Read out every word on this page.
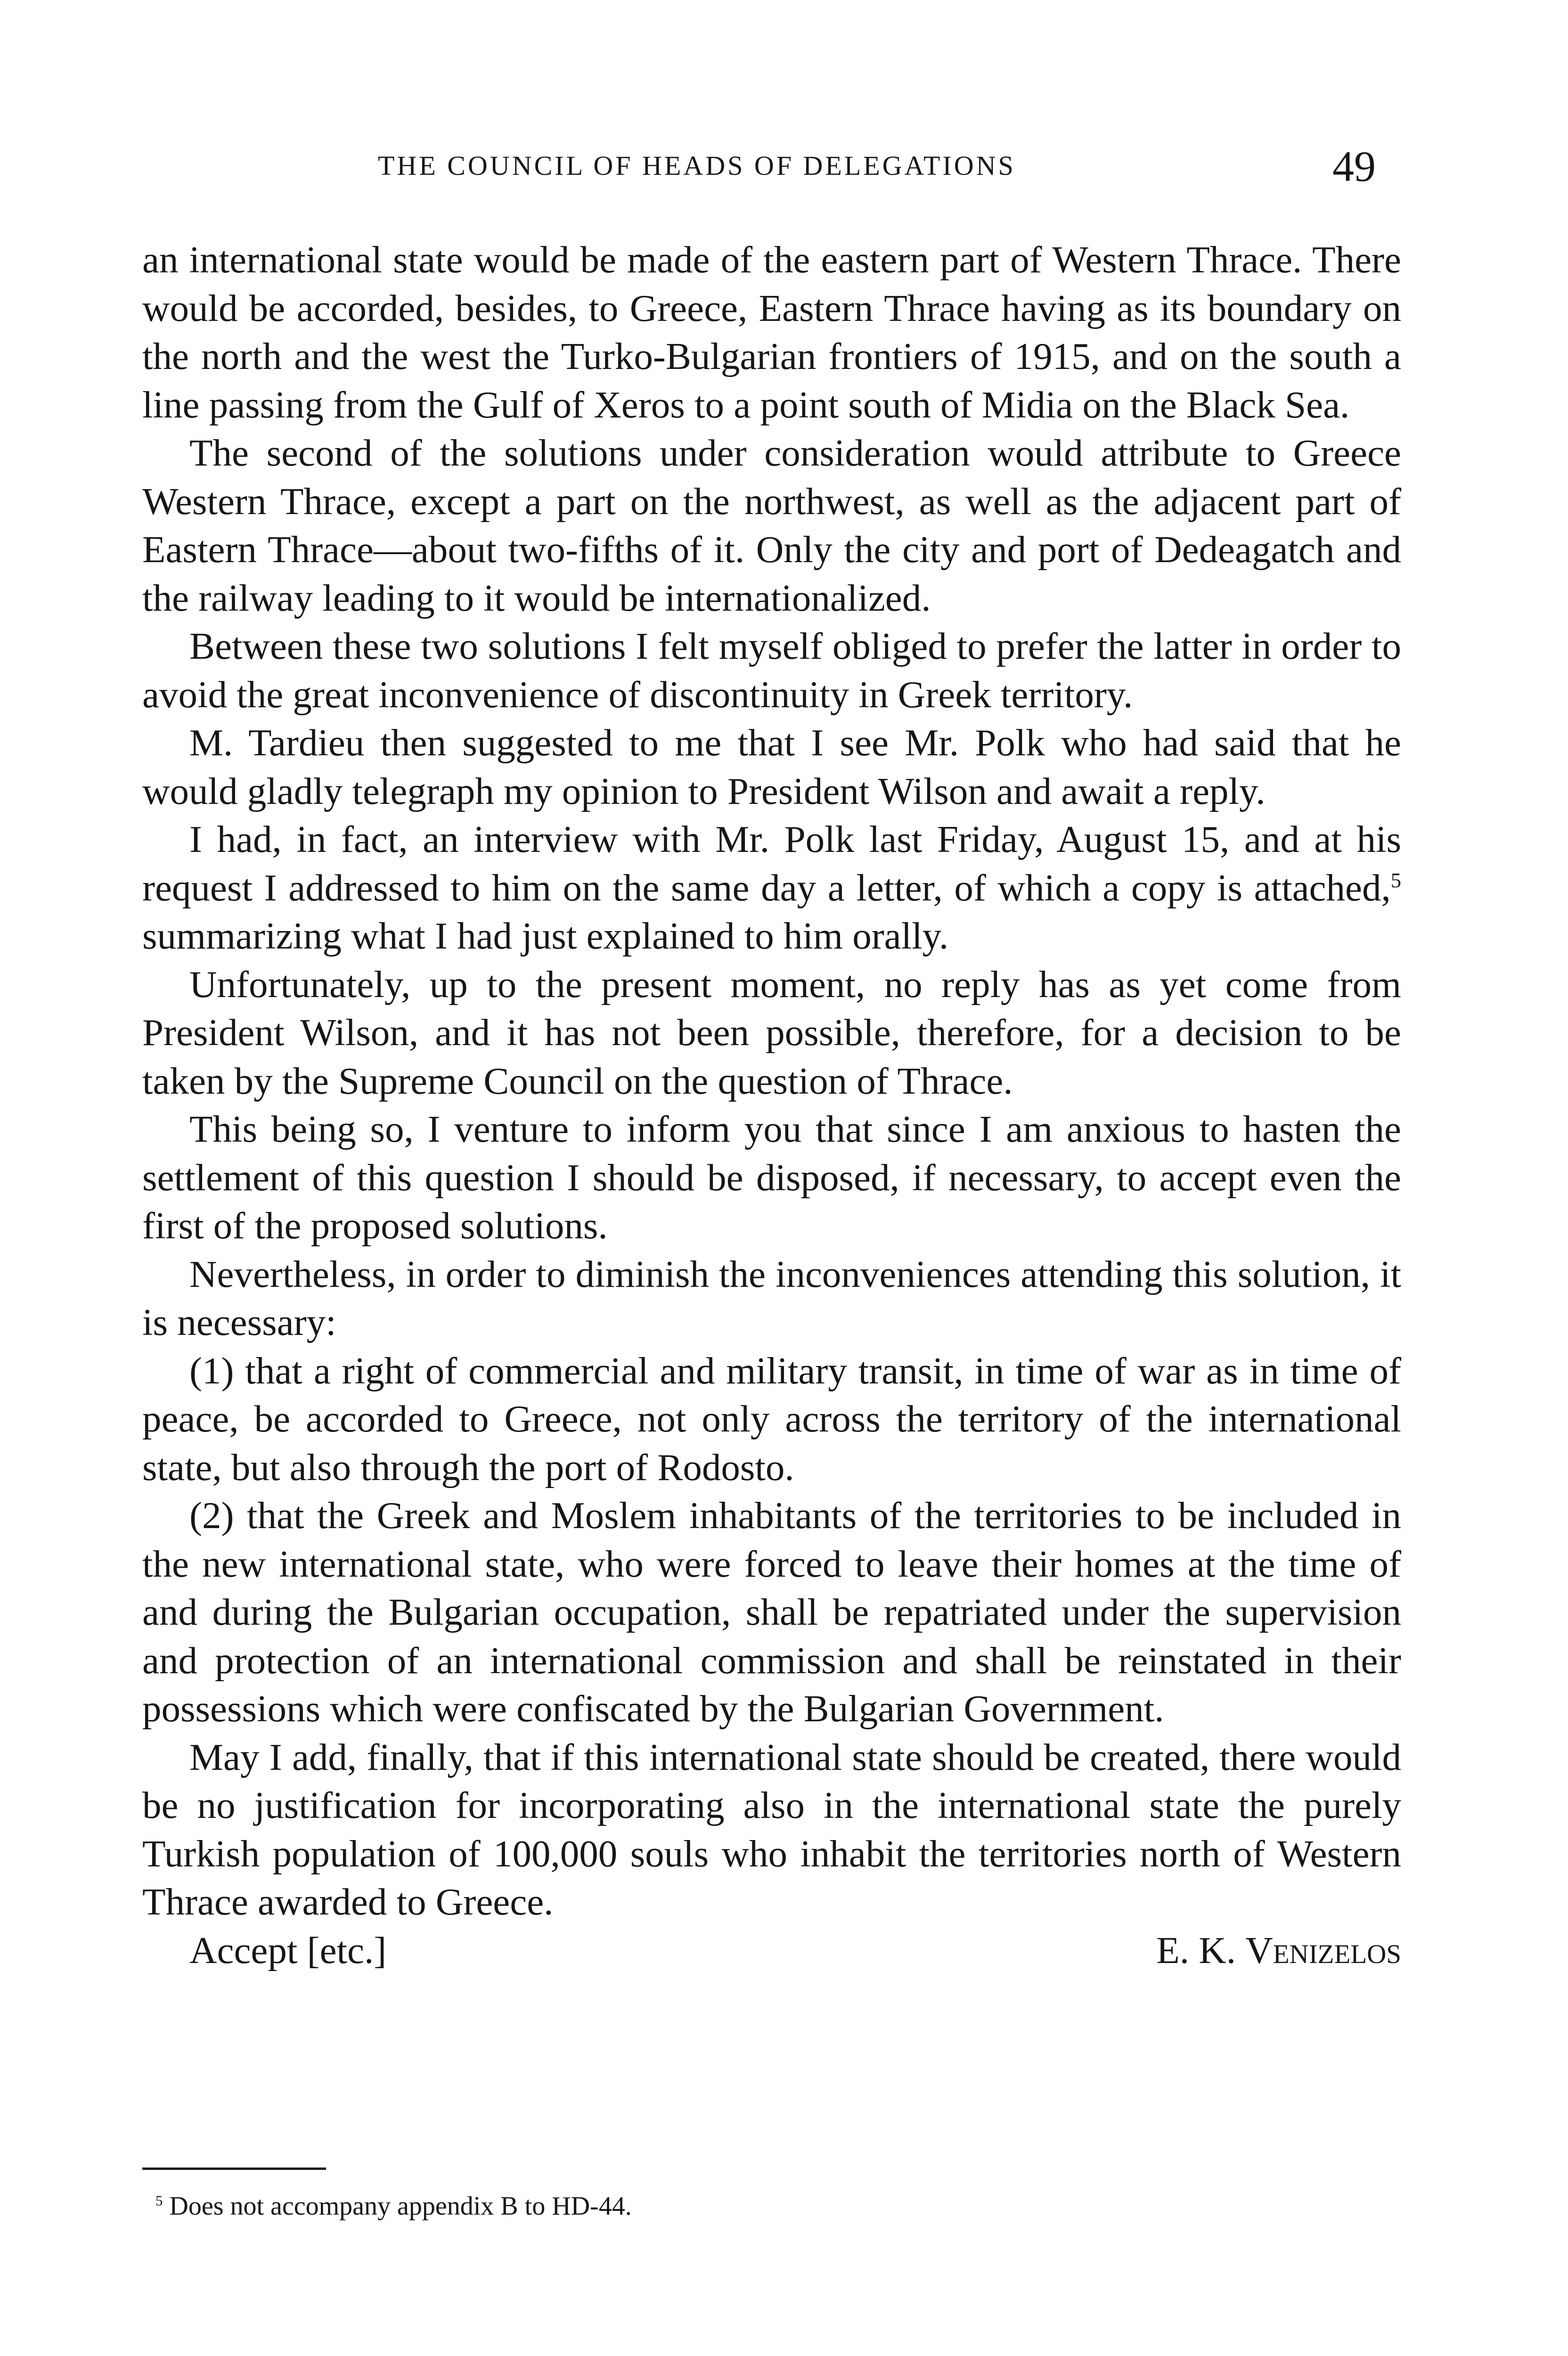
THE COUNCIL OF HEADS OF DELEGATIONS	49

an international state would be made of the eastern part of Western Thrace. There would be accorded, besides, to Greece, Eastern Thrace having as its boundary on the north and the west the Turko-Bulgarian frontiers of 1915, and on the south a line passing from the Gulf of Xeros to a point south of Midia on the Black Sea.

The second of the solutions under consideration would attribute to Greece Western Thrace, except a part on the northwest, as well as the adjacent part of Eastern Thrace—about two-fifths of it. Only the city and port of Dedeagatch and the railway leading to it would be internationalized.

Between these two solutions I felt myself obliged to prefer the latter in order to avoid the great inconvenience of discontinuity in Greek territory.

M. Tardieu then suggested to me that I see Mr. Polk who had said that he would gladly telegraph my opinion to President Wilson and await a reply.

I had, in fact, an interview with Mr. Polk last Friday, August 15, and at his request I addressed to him on the same day a letter, of which a copy is attached,$^5$ summarizing what I had just explained to him orally.

Unfortunately, up to the present moment, no reply has as yet come from President Wilson, and it has not been possible, therefore, for a decision to be taken by the Supreme Council on the question of Thrace.

This being so, I venture to inform you that since I am anxious to hasten the settlement of this question I should be disposed, if necessary, to accept even the first of the proposed solutions.

Nevertheless, in order to diminish the inconveniences attending this solution, it is necessary:

(1) that a right of commercial and military transit, in time of war as in time of peace, be accorded to Greece, not only across the territory of the international state, but also through the port of Rodosto.

(2) that the Greek and Moslem inhabitants of the territories to be included in the new international state, who were forced to leave their homes at the time of and during the Bulgarian occupation, shall be repatriated under the supervision and protection of an international commission and shall be reinstated in their possessions which were confiscated by the Bulgarian Government.

May I add, finally, that if this international state should be created, there would be no justification for incorporating also in the international state the purely Turkish population of 100,000 souls who inhabit the territories north of Western Thrace awarded to Greece.

Accept [etc.]	E. K. Venizelos
$^5$ Does not accompany appendix B to HD-44.
